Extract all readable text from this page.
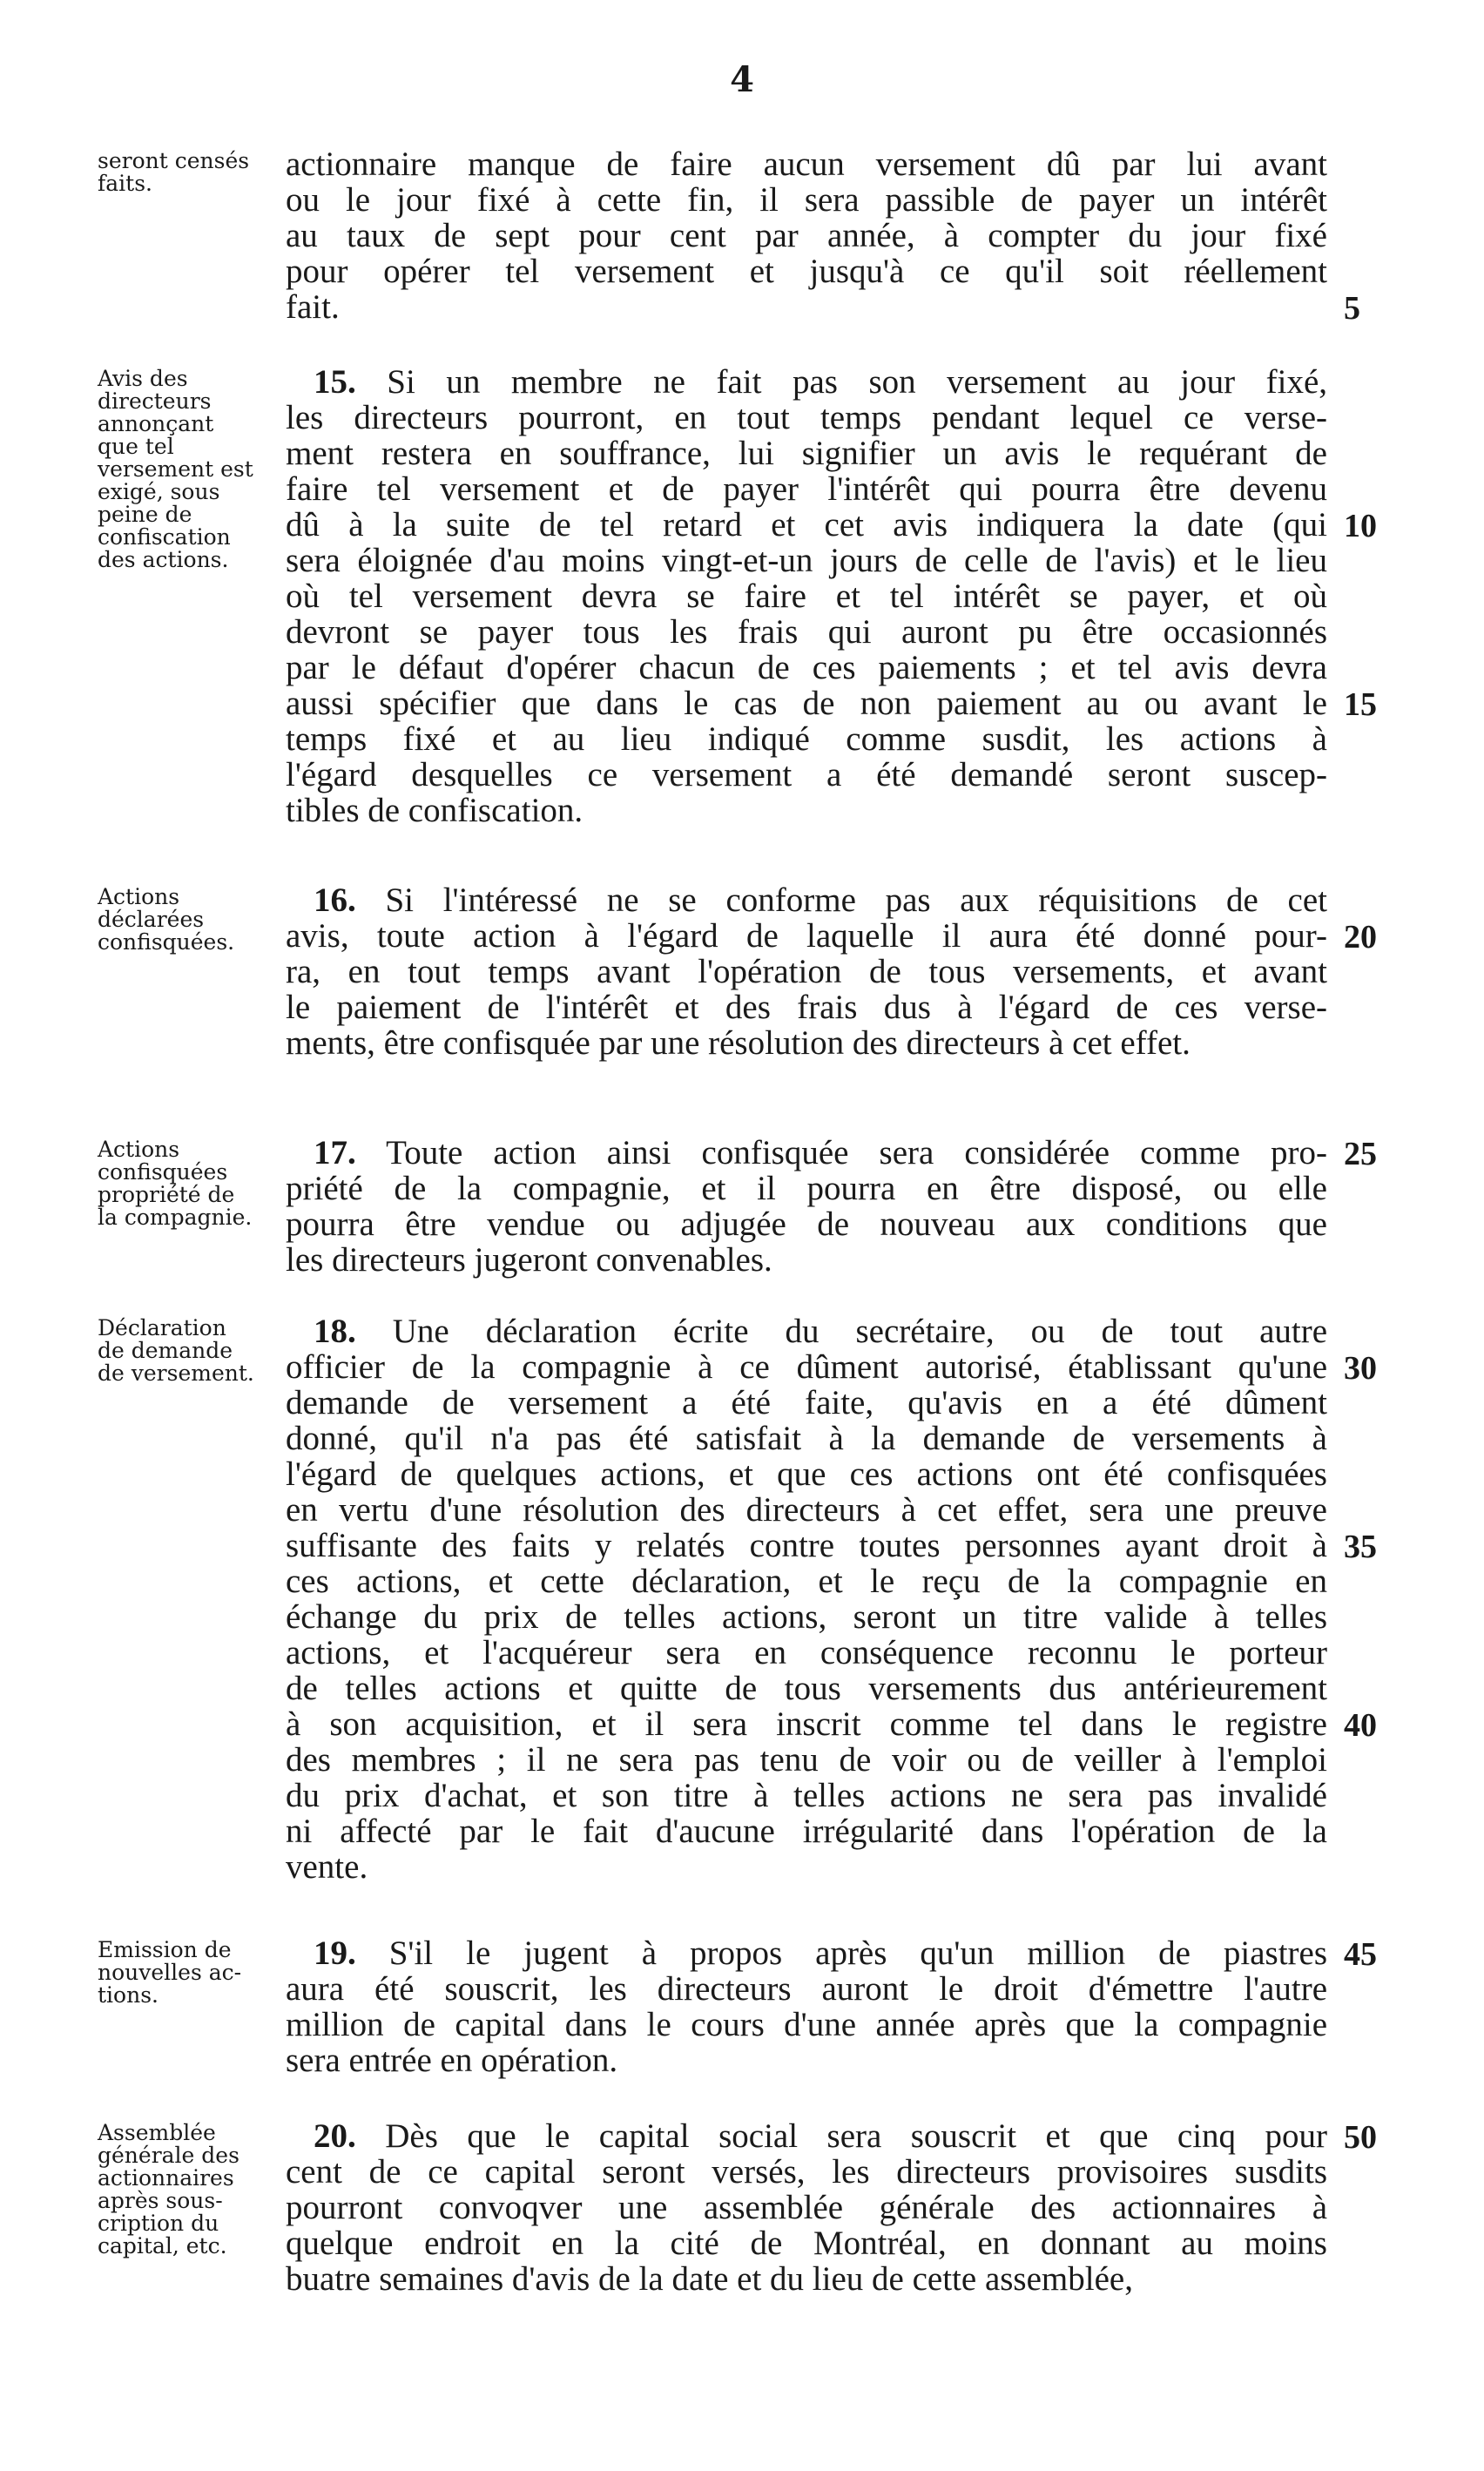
4
seront censés
faits.
actionnaire manque de faire aucun versement dû par lui avant
ou le jour fixé à cette fin, il sera passible de payer un intérêt
au taux de sept pour cent par année, à compter du jour fixé
pour opérer tel versement et jusqu'à ce qu'il soit réellement
fait.	5
Avis des
directeurs
annonçant
que tel
versement est
exigé, sous
peine de
confiscation
des actions.
15. Si un membre ne fait pas son versement au jour fixé,
les directeurs pourront, en tout temps pendant lequel ce verse-
ment restera en souffrance, lui signifier un avis le requérant de
faire tel versement et de payer l'intérêt qui pourra être devenu
dû à la suite de tel retard et cet avis indiquera la date (qui
sera éloignée d'au moins vingt-et-un jours de celle de l'avis) et le lieu
où tel versement devra se faire et tel intérêt se payer, et où
devront se payer tous les frais qui auront pu être occasionnés
par le défaut d'opérer chacun de ces paiements ; et tel avis devra
aussi spécifier que dans le cas de non paiement au ou avant le
temps fixé et au lieu indiqué comme susdit, les actions à
l'égard desquelles ce versement a été demandé seront suscep-
tibles de confiscation.
10
15
Actions
déclarées
confisquées.
16. Si l'intéressé ne se conforme pas aux réquisitions de cet
avis, toute action à l'égard de laquelle il aura été donné pour-
ra, en tout temps avant l'opération de tous versements, et avant
le paiement de l'intérêt et des frais dus à l'égard de ces verse-
ments, être confisquée par une résolution des directeurs à cet effet.
20
Actions
confisquées
propriété de
la compagnie.
17. Toute action ainsi confisquée sera considérée comme pro-
priété de la compagnie, et il pourra en être disposé, ou elle
pourra être vendue ou adjugée de nouveau aux conditions que
les directeurs jugeront convenables.
25
Déclaration
de demande
de versement.
18. Une déclaration écrite du secrétaire, ou de tout autre
officier de la compagnie à ce dûment autorisé, établissant qu'une
demande de versement a été faite, qu'avis en a été dûment
donné, qu'il n'a pas été satisfait à la demande de versements à
l'égard de quelques actions, et que ces actions ont été confisquées
en vertu d'une résolution des directeurs à cet effet, sera une preuve
suffisante des faits y relatés contre toutes personnes ayant droit à
ces actions, et cette déclaration, et le reçu de la compagnie en
échange du prix de telles actions, seront un titre valide à telles
actions, et l'acquéreur sera en conséquence reconnu le porteur
de telles actions et quitte de tous versements dus antérieurement
à son acquisition, et il sera inscrit comme tel dans le registre
des membres ; il ne sera pas tenu de voir ou de veiller à l'emploi
du prix d'achat, et son titre à telles actions ne sera pas invalidé
ni affecté par le fait d'aucune irrégularité dans l'opération de la
vente.
30
35
40
Emission de
nouvelles ac-
tions.
19. S'il le jugent à propos après qu'un million de piastres
aura été souscrit, les directeurs auront le droit d'émettre l'autre
million de capital dans le cours d'une année après que la compagnie
sera entrée en opération.
45
Assemblée
générale des
actionnaires
après sous-
cription du
capital, etc.
20. Dès que le capital social sera souscrit et que cinq pour
cent de ce capital seront versés, les directeurs provisoires susdits
pourront convoqver une assemblée générale des actionnaires à
quelque endroit en la cité de Montréal, en donnant au moins
buatre semaines d'avis de la date et du lieu de cette assemblée,
50
